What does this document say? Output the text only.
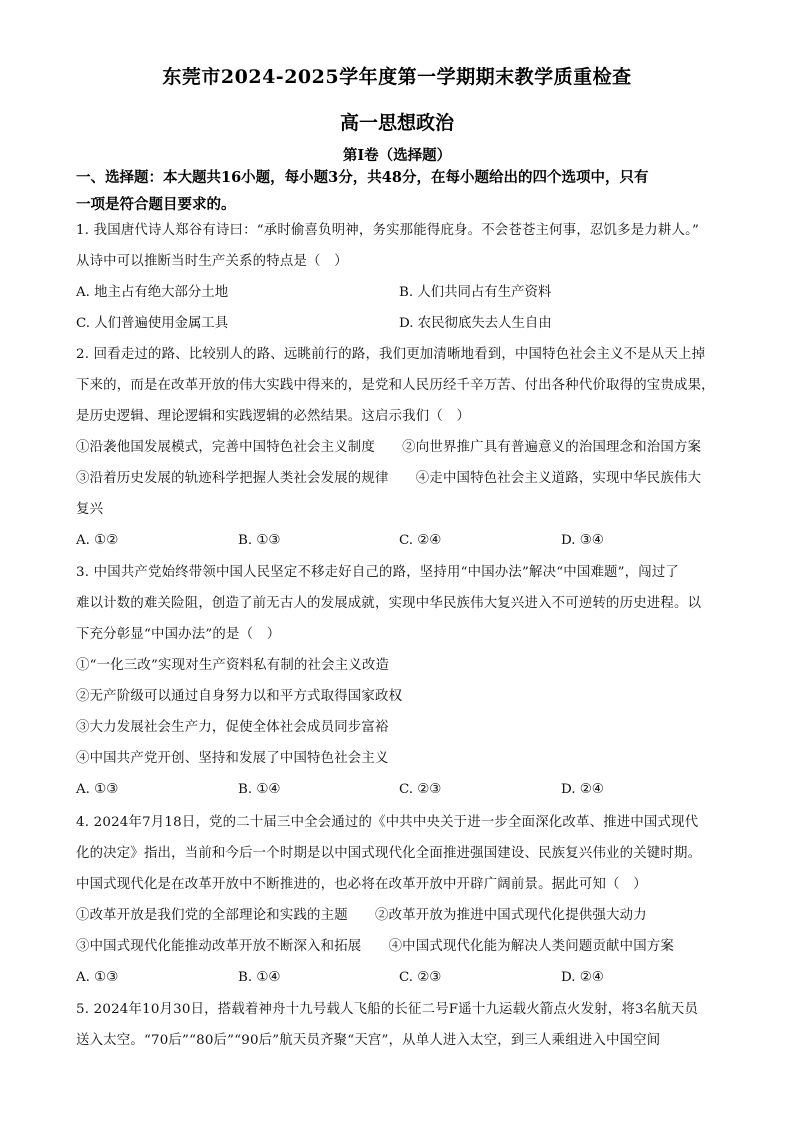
东莞市2024-2025学年度第一学期期末教学质重检查
高一思想政治
第Ⅰ卷（选择题）
一、选择题：本大题共16小题，每小题3分，共48分，在每小题给出的四个选项中，只有
一项是符合题目要求的。
1. 我国唐代诗人郑谷有诗曰：“承时偷喜负明神，务实那能得庇身。不会苍苍主何事，忍饥多是力耕人。”
从诗中可以推断当时生产关系的特点是（　）
A. 地主占有绝大部分土地	B. 人们共同占有生产资料
C. 人们普遍使用金属工具	D. 农民彻底失去人生自由
2. 回看走过的路、比较别人的路、远眺前行的路，我们更加清晰地看到，中国特色社会主义不是从天上掉
下来的，而是在改革开放的伟大实践中得来的，是党和人民历经千辛万苦、付出各种代价取得的宝贵成果，
是历史逻辑、理论逻辑和实践逻辑的必然结果。这启示我们（　）
①沿袭他国发展模式，完善中国特色社会主义制度　　②向世界推广具有普遍意义的治国理念和治国方案
③沿着历史发展的轨迹科学把握人类社会发展的规律　　④走中国特色社会主义道路，实现中华民族伟大
复兴
A. ①②	B. ①③	C. ②④	D. ③④
3. 中国共产党始终带领中国人民坚定不移走好自己的路，坚持用“中国办法”解决“中国难题”，闯过了
难以计数的难关险阻，创造了前无古人的发展成就，实现中华民族伟大复兴进入不可逆转的历史进程。以
下充分彰显“中国办法”的是（　）
①“一化三改”实现对生产资料私有制的社会主义改造
②无产阶级可以通过自身努力以和平方式取得国家政权
③大力发展社会生产力，促使全体社会成员同步富裕
④中国共产党开创、坚持和发展了中国特色社会主义
A. ①③	B. ①④	C. ②③	D. ②④
4. 2024年7月18日，党的二十届三中全会通过的《中共中央关于进一步全面深化改革、推进中国式现代
化的决定》指出，当前和今后一个时期是以中国式现代化全面推进强国建设、民族复兴伟业的关键时期。
中国式现代化是在改革开放中不断推进的，也必将在改革开放中开辟广阔前景。据此可知（　）
①改革开放是我们党的全部理论和实践的主题　　②改革开放为推进中国式现代化提供强大动力
③中国式现代化能推动改革开放不断深入和拓展　　④中国式现代化能为解决人类问题贡献中国方案
A. ①③	B. ①④	C. ②③	D. ②④
5. 2024年10月30日，搭载着神舟十九号载人飞船的长征二号F遥十九运载火箭点火发射，将3名航天员
送入太空。“70后”“80后”“90后”航天员齐聚“天宫”，从单人进入太空，到三人乘组进入中国空间
